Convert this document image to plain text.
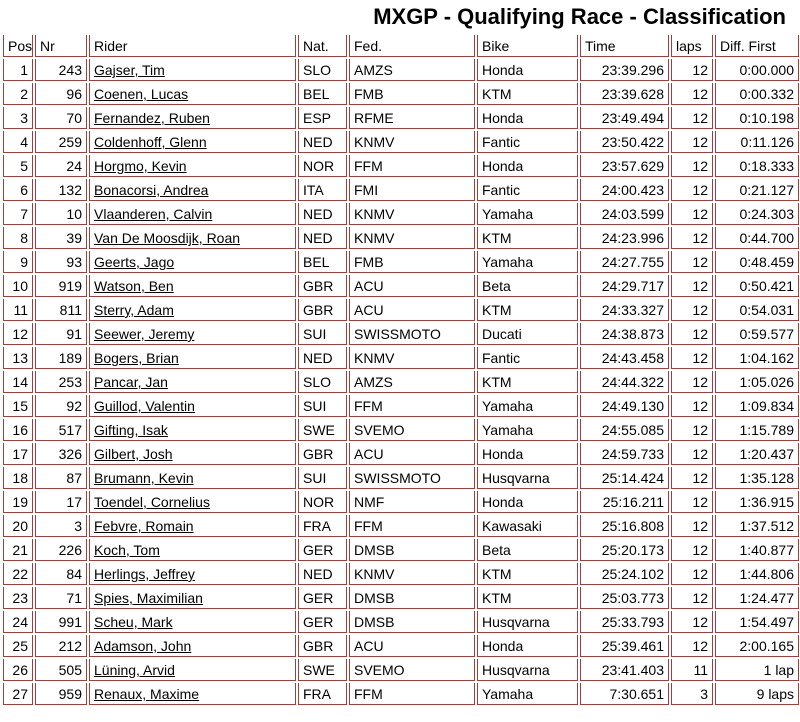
MXGP - Qualifying Race - Classification
Pos	Nr	Rider	Nat.	Fed.	Bike	Time	laps	Diff. First
1	243	Gajser, Tim	SLO	AMZS	Honda	23:39.296	12	0:00.000
2	96	Coenen, Lucas	BEL	FMB	KTM	23:39.628	12	0:00.332
3	70	Fernandez, Ruben	ESP	RFME	Honda	23:49.494	12	0:10.198
4	259	Coldenhoff, Glenn	NED	KNMV	Fantic	23:50.422	12	0:11.126
5	24	Horgmo, Kevin	NOR	FFM	Honda	23:57.629	12	0:18.333
6	132	Bonacorsi, Andrea	ITA	FMI	Fantic	24:00.423	12	0:21.127
7	10	Vlaanderen, Calvin	NED	KNMV	Yamaha	24:03.599	12	0:24.303
8	39	Van De Moosdijk, Roan	NED	KNMV	KTM	24:23.996	12	0:44.700
9	93	Geerts, Jago	BEL	FMB	Yamaha	24:27.755	12	0:48.459
10	919	Watson, Ben	GBR	ACU	Beta	24:29.717	12	0:50.421
11	811	Sterry, Adam	GBR	ACU	KTM	24:33.327	12	0:54.031
12	91	Seewer, Jeremy	SUI	SWISSMOTO	Ducati	24:38.873	12	0:59.577
13	189	Bogers, Brian	NED	KNMV	Fantic	24:43.458	12	1:04.162
14	253	Pancar, Jan	SLO	AMZS	KTM	24:44.322	12	1:05.026
15	92	Guillod, Valentin	SUI	FFM	Yamaha	24:49.130	12	1:09.834
16	517	Gifting, Isak	SWE	SVEMO	Yamaha	24:55.085	12	1:15.789
17	326	Gilbert, Josh	GBR	ACU	Honda	24:59.733	12	1:20.437
18	87	Brumann, Kevin	SUI	SWISSMOTO	Husqvarna	25:14.424	12	1:35.128
19	17	Toendel, Cornelius	NOR	NMF	Honda	25:16.211	12	1:36.915
20	3	Febvre, Romain	FRA	FFM	Kawasaki	25:16.808	12	1:37.512
21	226	Koch, Tom	GER	DMSB	Beta	25:20.173	12	1:40.877
22	84	Herlings, Jeffrey	NED	KNMV	KTM	25:24.102	12	1:44.806
23	71	Spies, Maximilian	GER	DMSB	KTM	25:03.773	12	1:24.477
24	991	Scheu, Mark	GER	DMSB	Husqvarna	25:33.793	12	1:54.497
25	212	Adamson, John	GBR	ACU	Honda	25:39.461	12	2:00.165
26	505	Lüning, Arvid	SWE	SVEMO	Husqvarna	23:41.403	11	1 lap
27	959	Renaux, Maxime	FRA	FFM	Yamaha	7:30.651	3	9 laps
